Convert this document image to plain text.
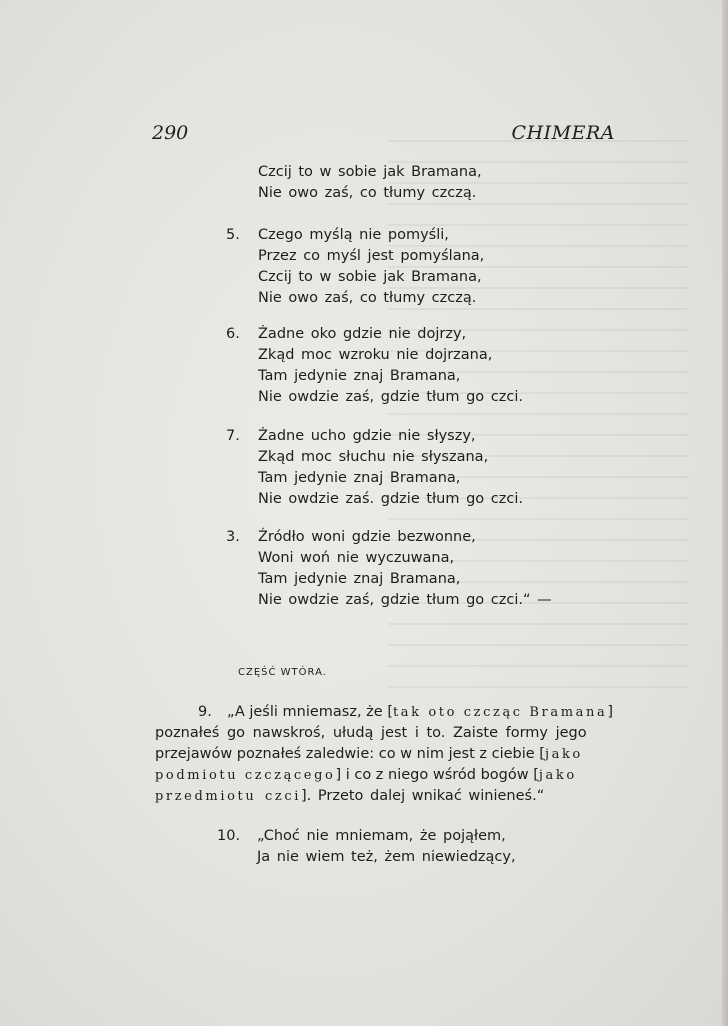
290	CHIMERA
Czcij to w sobie jak Bramana,
Nie owo zaś, co tłumy czczą.
5. Czego myślą nie pomyśli,
Przez co myśl jest pomyślana,
Czcij to w sobie jak Bramana,
Nie owo zaś, co tłumy czczą.
6. Żadne oko gdzie nie dojrzy,
Zkąd moc wzroku nie dojrzana,
Tam jedynie znaj Bramana,
Nie owdzie zaś, gdzie tłum go czci.
7. Żadne ucho gdzie nie słyszy,
Zkąd moc słuchu nie słyszana,
Tam jedynie znaj Bramana,
Nie owdzie zaś. gdzie tłum go czci.
3. Źródło woni gdzie bezwonne,
Woni woń nie wyczuwana,
Tam jedynie znaj Bramana,
Nie owdzie zaś, gdzie tłum go czci.“ —
CZĘŚĆ WTÓRA.
9. „A jeśli mniemasz, że [tak oto czcząc Bramana]
poznałeś go nawskroś, ułudą jest i to. Zaiste formy jego
przejawów poznałeś zaledwie: co w nim jest z ciebie [jako
podmiotu czczącego] i co z niego wśród bogów [jako
przedmiotu czci ]. Przeto dalej wnikać winieneś.“
10. „Choć nie mniemam, że pojąłem,
Ja nie wiem też, żem niewiedzący,
